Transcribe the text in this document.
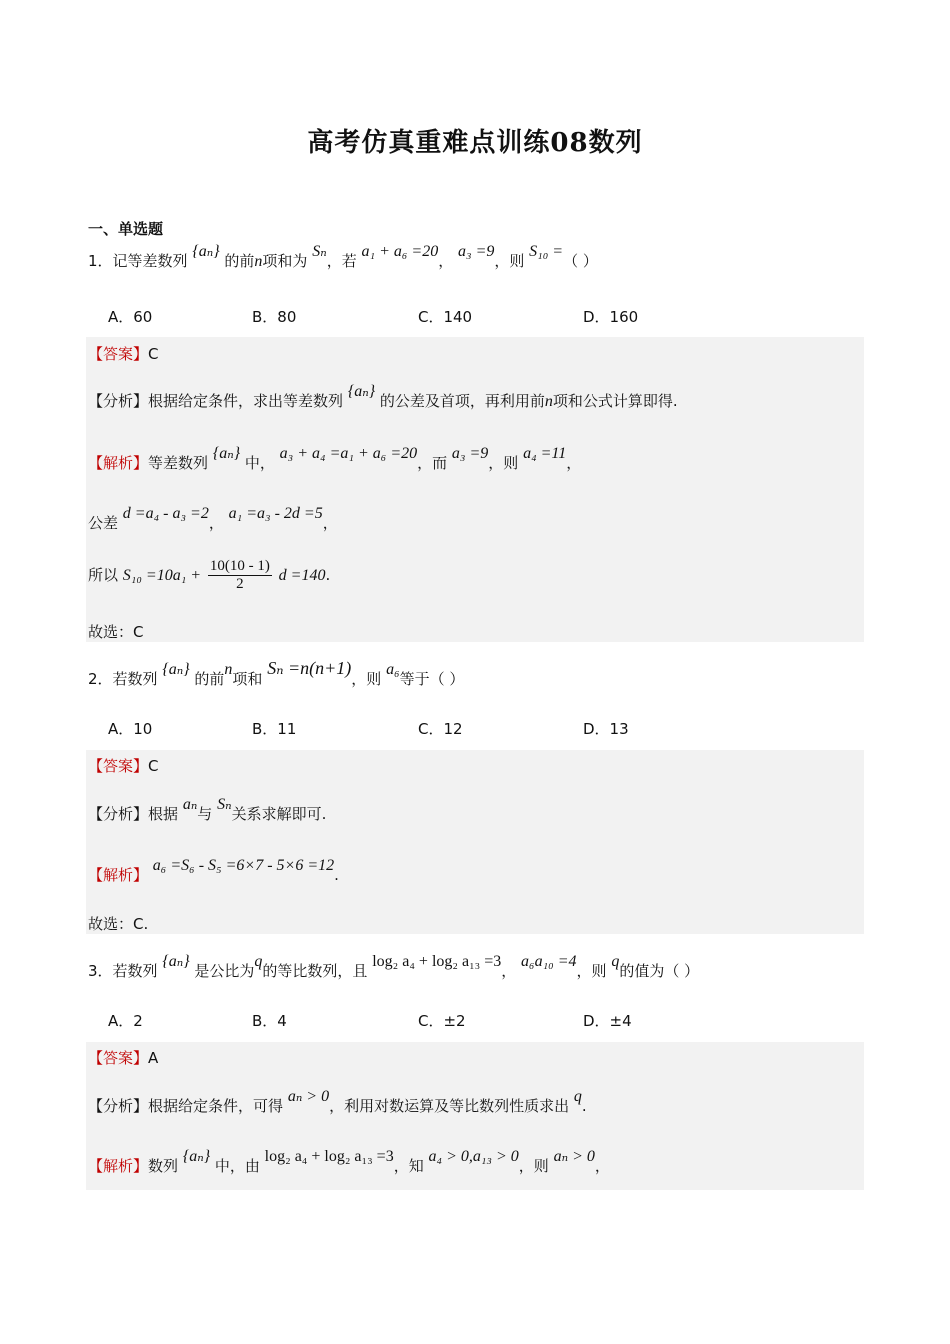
高考仿真重难点训练08数列
一、单选题
1．记等差数列 {aₙ} 的前n项和为 Sₙ，若 a₁ + a₆ =20， a₃ =9，则 S₁₀ =（ ）
A．60	B．80	C．140	D．160
【答案】C
【分析】根据给定条件，求出等差数列 {aₙ} 的公差及首项，再利用前n项和公式计算即得.
【解析】等差数列 {aₙ} 中， a₃ + a₄ =a₁ + a₆ =20，而 a₃ =9，则 a₄ =11，
公差 d =a₄ - a₃ =2， a₁ =a₃ - 2d =5，
所以 $S_{10} =10a_1 + \frac{10(10 - 1)}{2}$ d =140.
故选：C
2．若数列 {aₙ} 的前n项和 Sₙ =n(n+1)，则 a₆等于（ ）
A．10	B．11	C．12	D．13
【答案】C
【分析】根据 aₙ与 Sₙ关系求解即可.
【解析】 a₆ =S₆ - S₅ =6×7 - 5×6 =12.
故选：C.
3．若数列 {aₙ} 是公比为q的等比数列，且 log₂ a₄ + log₂ a₁₃ =3， a₆a₁₀ =4，则 q的值为（ ）
A．2	B．4	C．±2	D．±4
【答案】A
【分析】根据给定条件，可得 aₙ > 0，利用对数运算及等比数列性质求出 q.
【解析】数列 {aₙ} 中，由 log₂ a₄ + log₂ a₁₃ =3，知 a₄ > 0,a₁₃ > 0，则 aₙ > 0，
